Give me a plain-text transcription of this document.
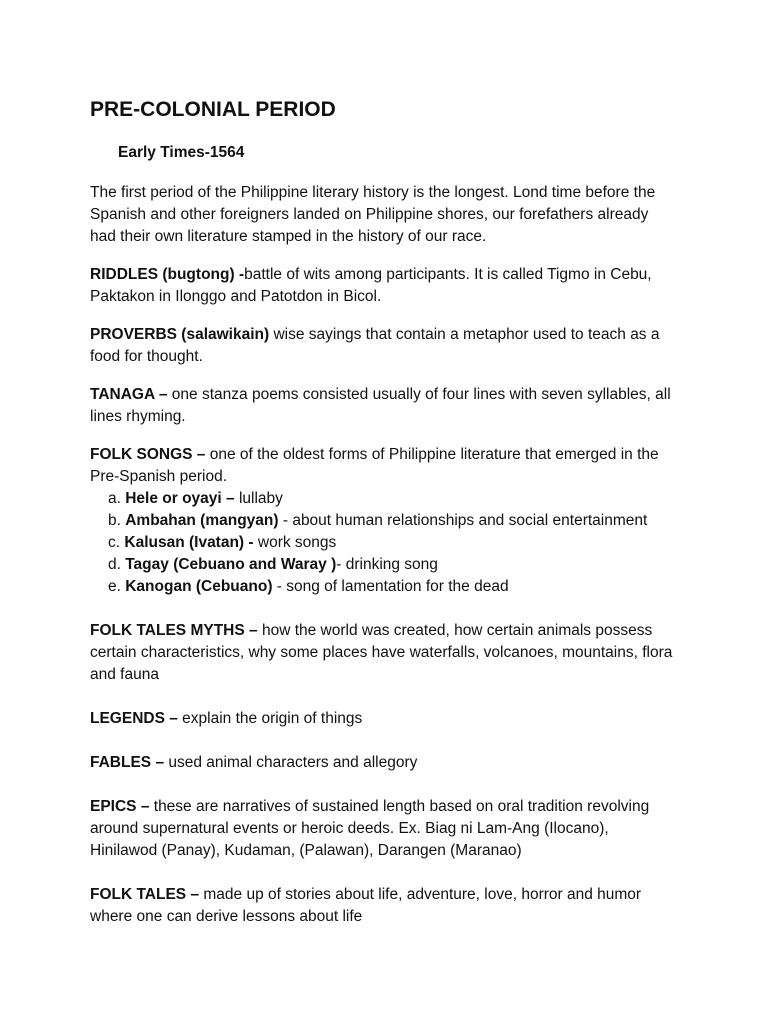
PRE-COLONIAL PERIOD
Early Times-1564

The first period of the Philippine literary history is the longest. Lond time before the Spanish and other foreigners landed on Philippine shores, our forefathers already had their own literature stamped in the history of our race.

RIDDLES (bugtong) -battle of wits among participants. It is called Tigmo in Cebu, Paktakon in Ilonggo and Patotdon in Bicol.

PROVERBS (salawikain) wise sayings that contain a metaphor used to teach as a food for thought.

TANAGA – one stanza poems consisted usually of four lines with seven syllables, all lines rhyming.

FOLK SONGS – one of the oldest forms of Philippine literature that emerged in the Pre-Spanish period.

a. Hele or oyayi – lullaby
b. Ambahan (mangyan) - about human relationships and social entertainment
c. Kalusan (Ivatan) - work songs
d. Tagay (Cebuano and Waray )- drinking song
e. Kanogan (Cebuano) - song of lamentation for the dead

FOLK TALES MYTHS – how the world was created, how certain animals possess certain characteristics, why some places have waterfalls, volcanoes, mountains, flora and fauna

LEGENDS – explain the origin of things

FABLES – used animal characters and allegory

EPICS – these are narratives of sustained length based on oral tradition revolving around supernatural events or heroic deeds. Ex. Biag ni Lam-Ang (Ilocano), Hinilawod (Panay), Kudaman, (Palawan), Darangen (Maranao)

FOLK TALES – made up of stories about life, adventure, love, horror and humor where one can derive lessons about life
